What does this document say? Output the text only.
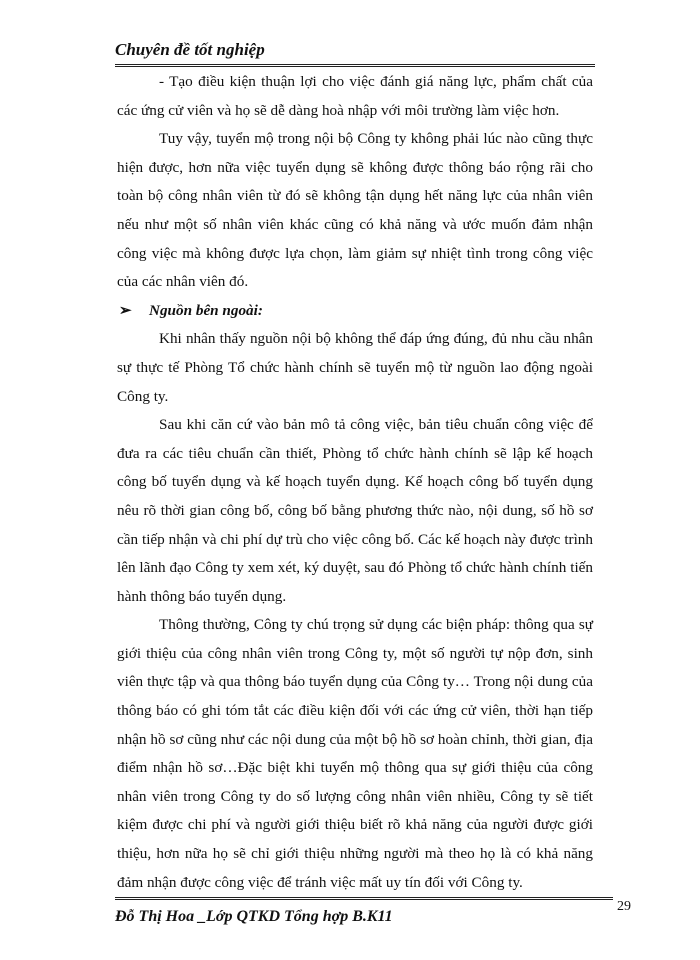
Chuyên đề tốt nghiệp

- Tạo điều kiện thuận lợi cho việc đánh giá năng lực, phẩm chất của các ứng cử viên và họ sẽ dễ dàng hoà nhập với môi trường làm việc hơn.

Tuy vậy, tuyển mộ trong nội bộ Công ty không phải lúc nào cũng thực hiện được, hơn nữa việc tuyển dụng sẽ không được thông báo rộng rãi cho toàn bộ công nhân viên từ đó sẽ không tận dụng hết năng lực của nhân viên nếu như một số nhân viên khác cũng có khả năng và ước muốn đảm nhận công việc mà không được lựa chọn, làm giảm sự nhiệt tình trong công việc của các nhân viên đó.

➢ Nguồn bên ngoài:

Khi nhân thấy nguồn nội bộ không thể đáp ứng đúng, đủ nhu cầu nhân sự thực tế Phòng Tổ chức hành chính sẽ tuyển mộ từ nguồn lao động ngoài Công ty.

Sau khi căn cứ vào bản mô tả công việc, bản tiêu chuẩn công việc để đưa ra các tiêu chuẩn cần thiết, Phòng tổ chức hành chính sẽ lập kế hoạch công bố tuyển dụng và kế hoạch tuyển dụng. Kế hoạch công bố tuyển dụng nêu rõ thời gian công bố, công bố bằng phương thức nào, nội dung, số hồ sơ cần tiếp nhận và chi phí dự trù cho việc công bố. Các kế hoạch này được trình lên lãnh đạo Công ty xem xét, ký duyệt, sau đó Phòng tổ chức hành chính tiến hành thông báo tuyển dụng.

Thông thường, Công ty chú trọng sử dụng các biện pháp: thông qua sự giới thiệu của công nhân viên trong Công ty, một số người tự nộp đơn, sinh viên thực tập và qua thông báo tuyển dụng của Công ty… Trong nội dung của thông báo có ghi tóm tắt các điều kiện đối với các ứng cử viên, thời hạn tiếp nhận hồ sơ cũng như các nội dung của một bộ hồ sơ hoàn chỉnh, thời gian, địa điểm nhận hồ sơ…Đặc biệt khi tuyển mộ thông qua sự giới thiệu của công nhân viên trong Công ty do số lượng công nhân viên nhiều, Công ty sẽ tiết kiệm được chi phí và người giới thiệu biết rõ khả năng của người được giới thiệu, hơn nữa họ sẽ chỉ giới thiệu những người mà theo họ là có khả năng đảm nhận được công việc để tránh việc mất uy tín đối với Công ty.

Đỗ Thị Hoa _Lớp QTKD Tổng hợp B.K11
29
